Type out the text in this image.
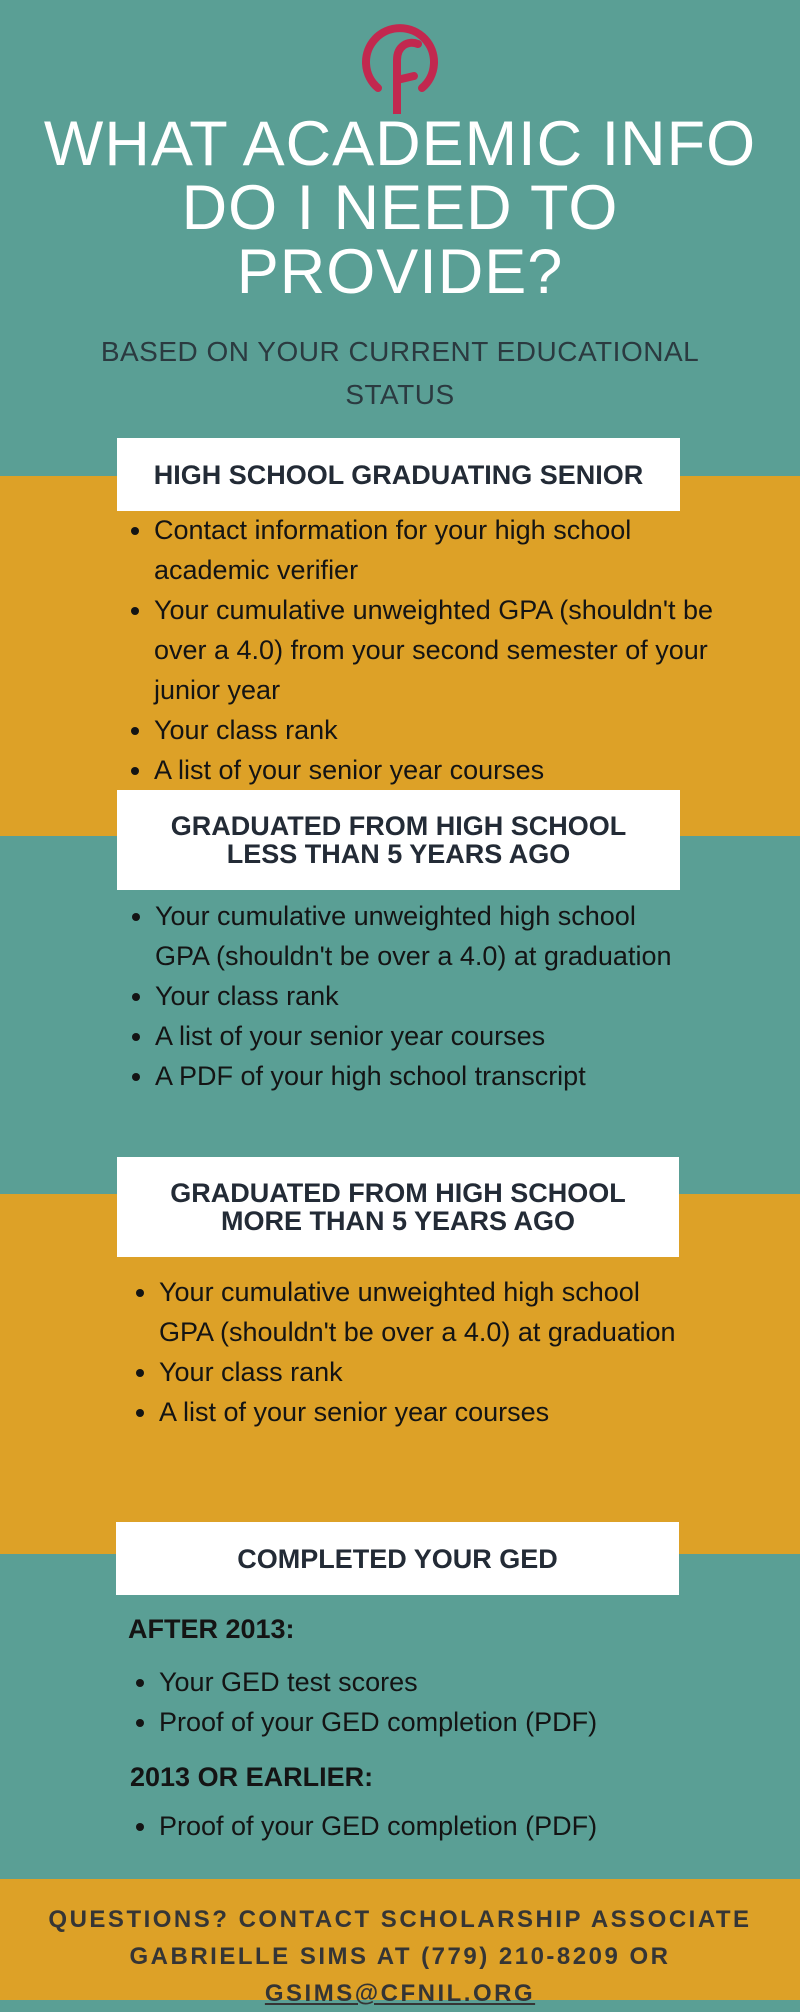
WHAT ACADEMIC INFO DO I NEED TO PROVIDE?

BASED ON YOUR CURRENT EDUCATIONAL STATUS

HIGH SCHOOL GRADUATING SENIOR
• Contact information for your high school academic verifier
• Your cumulative unweighted GPA (shouldn't be over a 4.0) from your second semester of your junior year
• Your class rank
• A list of your senior year courses
GRADUATED FROM HIGH SCHOOL LESS THAN 5 YEARS AGO
• Your cumulative unweighted high school GPA (shouldn't be over a 4.0) at graduation
• Your class rank
• A list of your senior year courses
• A PDF of your high school transcript
GRADUATED FROM HIGH SCHOOL MORE THAN 5 YEARS AGO
• Your cumulative unweighted high school GPA (shouldn't be over a 4.0) at graduation
• Your class rank
• A list of your senior year courses
COMPLETED YOUR GED
AFTER 2013:
• Your GED test scores
• Proof of your GED completion (PDF)
2013 OR EARLIER:
• Proof of your GED completion (PDF)
QUESTIONS? CONTACT SCHOLARSHIP ASSOCIATE
GABRIELLE SIMS AT (779) 210-8209 OR GSIMS@CFNIL.ORG
